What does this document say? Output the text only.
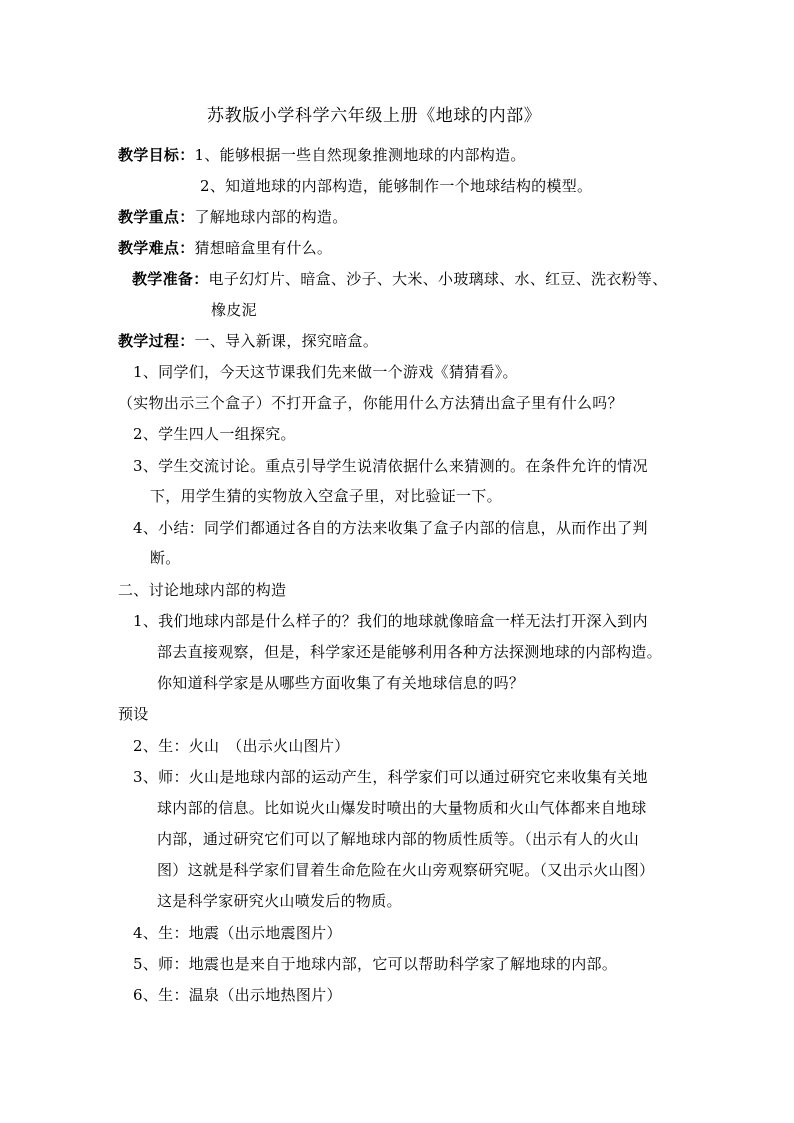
苏教版小学科学六年级上册《地球的内部》
教学目标：1、能够根据一些自然现象推测地球的内部构造。
2、知道地球的内部构造，能够制作一个地球结构的模型。
教学重点：了解地球内部的构造。
教学难点：猜想暗盒里有什么。
教学准备：电子幻灯片、暗盒、沙子、大米、小玻璃球、水、红豆、洗衣粉等、
橡皮泥
教学过程：一、导入新课，探究暗盒。
1、同学们，今天这节课我们先来做一个游戏《猜猜看》。
（实物出示三个盒子）不打开盒子，你能用什么方法猜出盒子里有什么吗？
2、学生四人一组探究。
3、学生交流讨论。重点引导学生说清依据什么来猜测的。在条件允许的情况
下，用学生猜的实物放入空盒子里，对比验证一下。
4、小结：同学们都通过各自的方法来收集了盒子内部的信息，从而作出了判
断。
二、讨论地球内部的构造
1、我们地球内部是什么样子的？我们的地球就像暗盒一样无法打开深入到内
部去直接观察，但是，科学家还是能够利用各种方法探测地球的内部构造。
你知道科学家是从哪些方面收集了有关地球信息的吗？
预设
2、生：火山　（出示火山图片）
3、师：火山是地球内部的运动产生，科学家们可以通过研究它来收集有关地
球内部的信息。比如说火山爆发时喷出的大量物质和火山气体都来自地球
内部，通过研究它们可以了解地球内部的物质性质等。（出示有人的火山
图）这就是科学家们冒着生命危险在火山旁观察研究呢。（又出示火山图）
这是科学家研究火山喷发后的物质。
4、生：地震（出示地震图片）
5、师：地震也是来自于地球内部，它可以帮助科学家了解地球的内部。
6、生：温泉（出示地热图片）
